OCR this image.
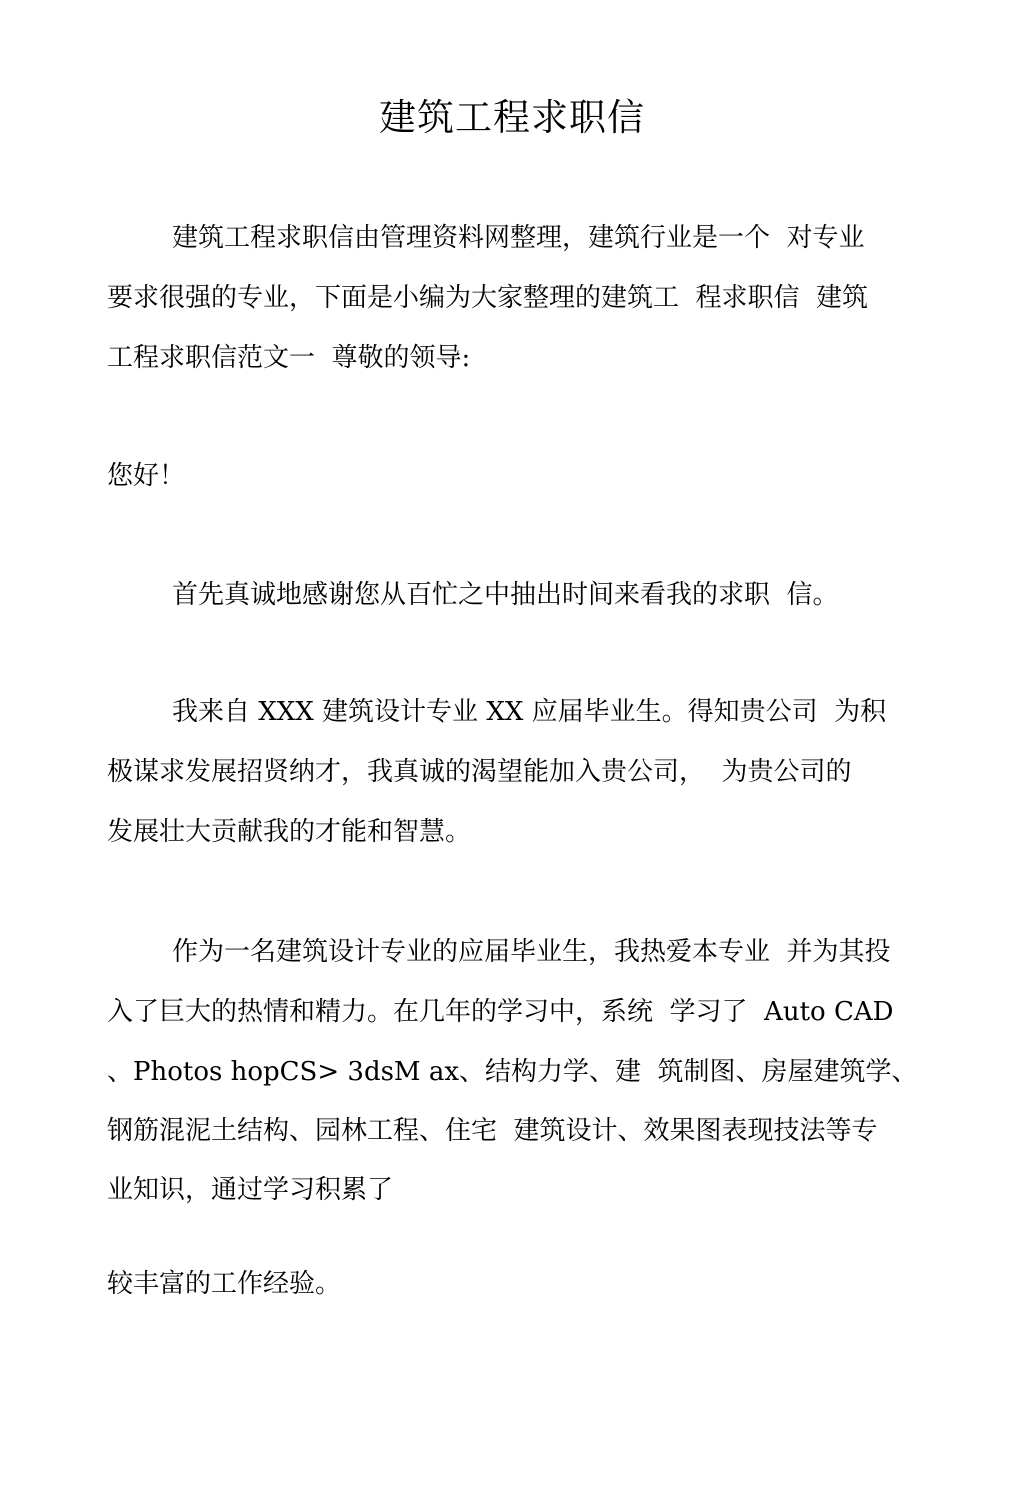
建筑工程求职信

建筑工程求职信由管理资料网整理，建筑行业是一个  对专业

要求很强的专业，下面是小编为大家整理的建筑工  程求职信  建筑

工程求职信范文一  尊敬的领导:

您好！

首先真诚地感谢您从百忙之中抽出时间来看我的求职  信。

我来自 XXX 建筑设计专业 XX 应届毕业生。得知贵公司  为积

极谋求发展招贤纳才，我真诚的渴望能加入贵公司，  为贵公司的

发展壮大贡献我的才能和智慧。

作为一名建筑设计专业的应届毕业生，我热爱本专业  并为其投

入了巨大的热情和精力。在几年的学习中，系统  学习了  Auto CAD

、Photos hopCS> 3dsM ax、结构力学、建  筑制图、房屋建筑学、

钢筋混泥土结构、园林工程、住宅  建筑设计、效果图表现技法等专

业知识，通过学习积累了

较丰富的工作经验。
